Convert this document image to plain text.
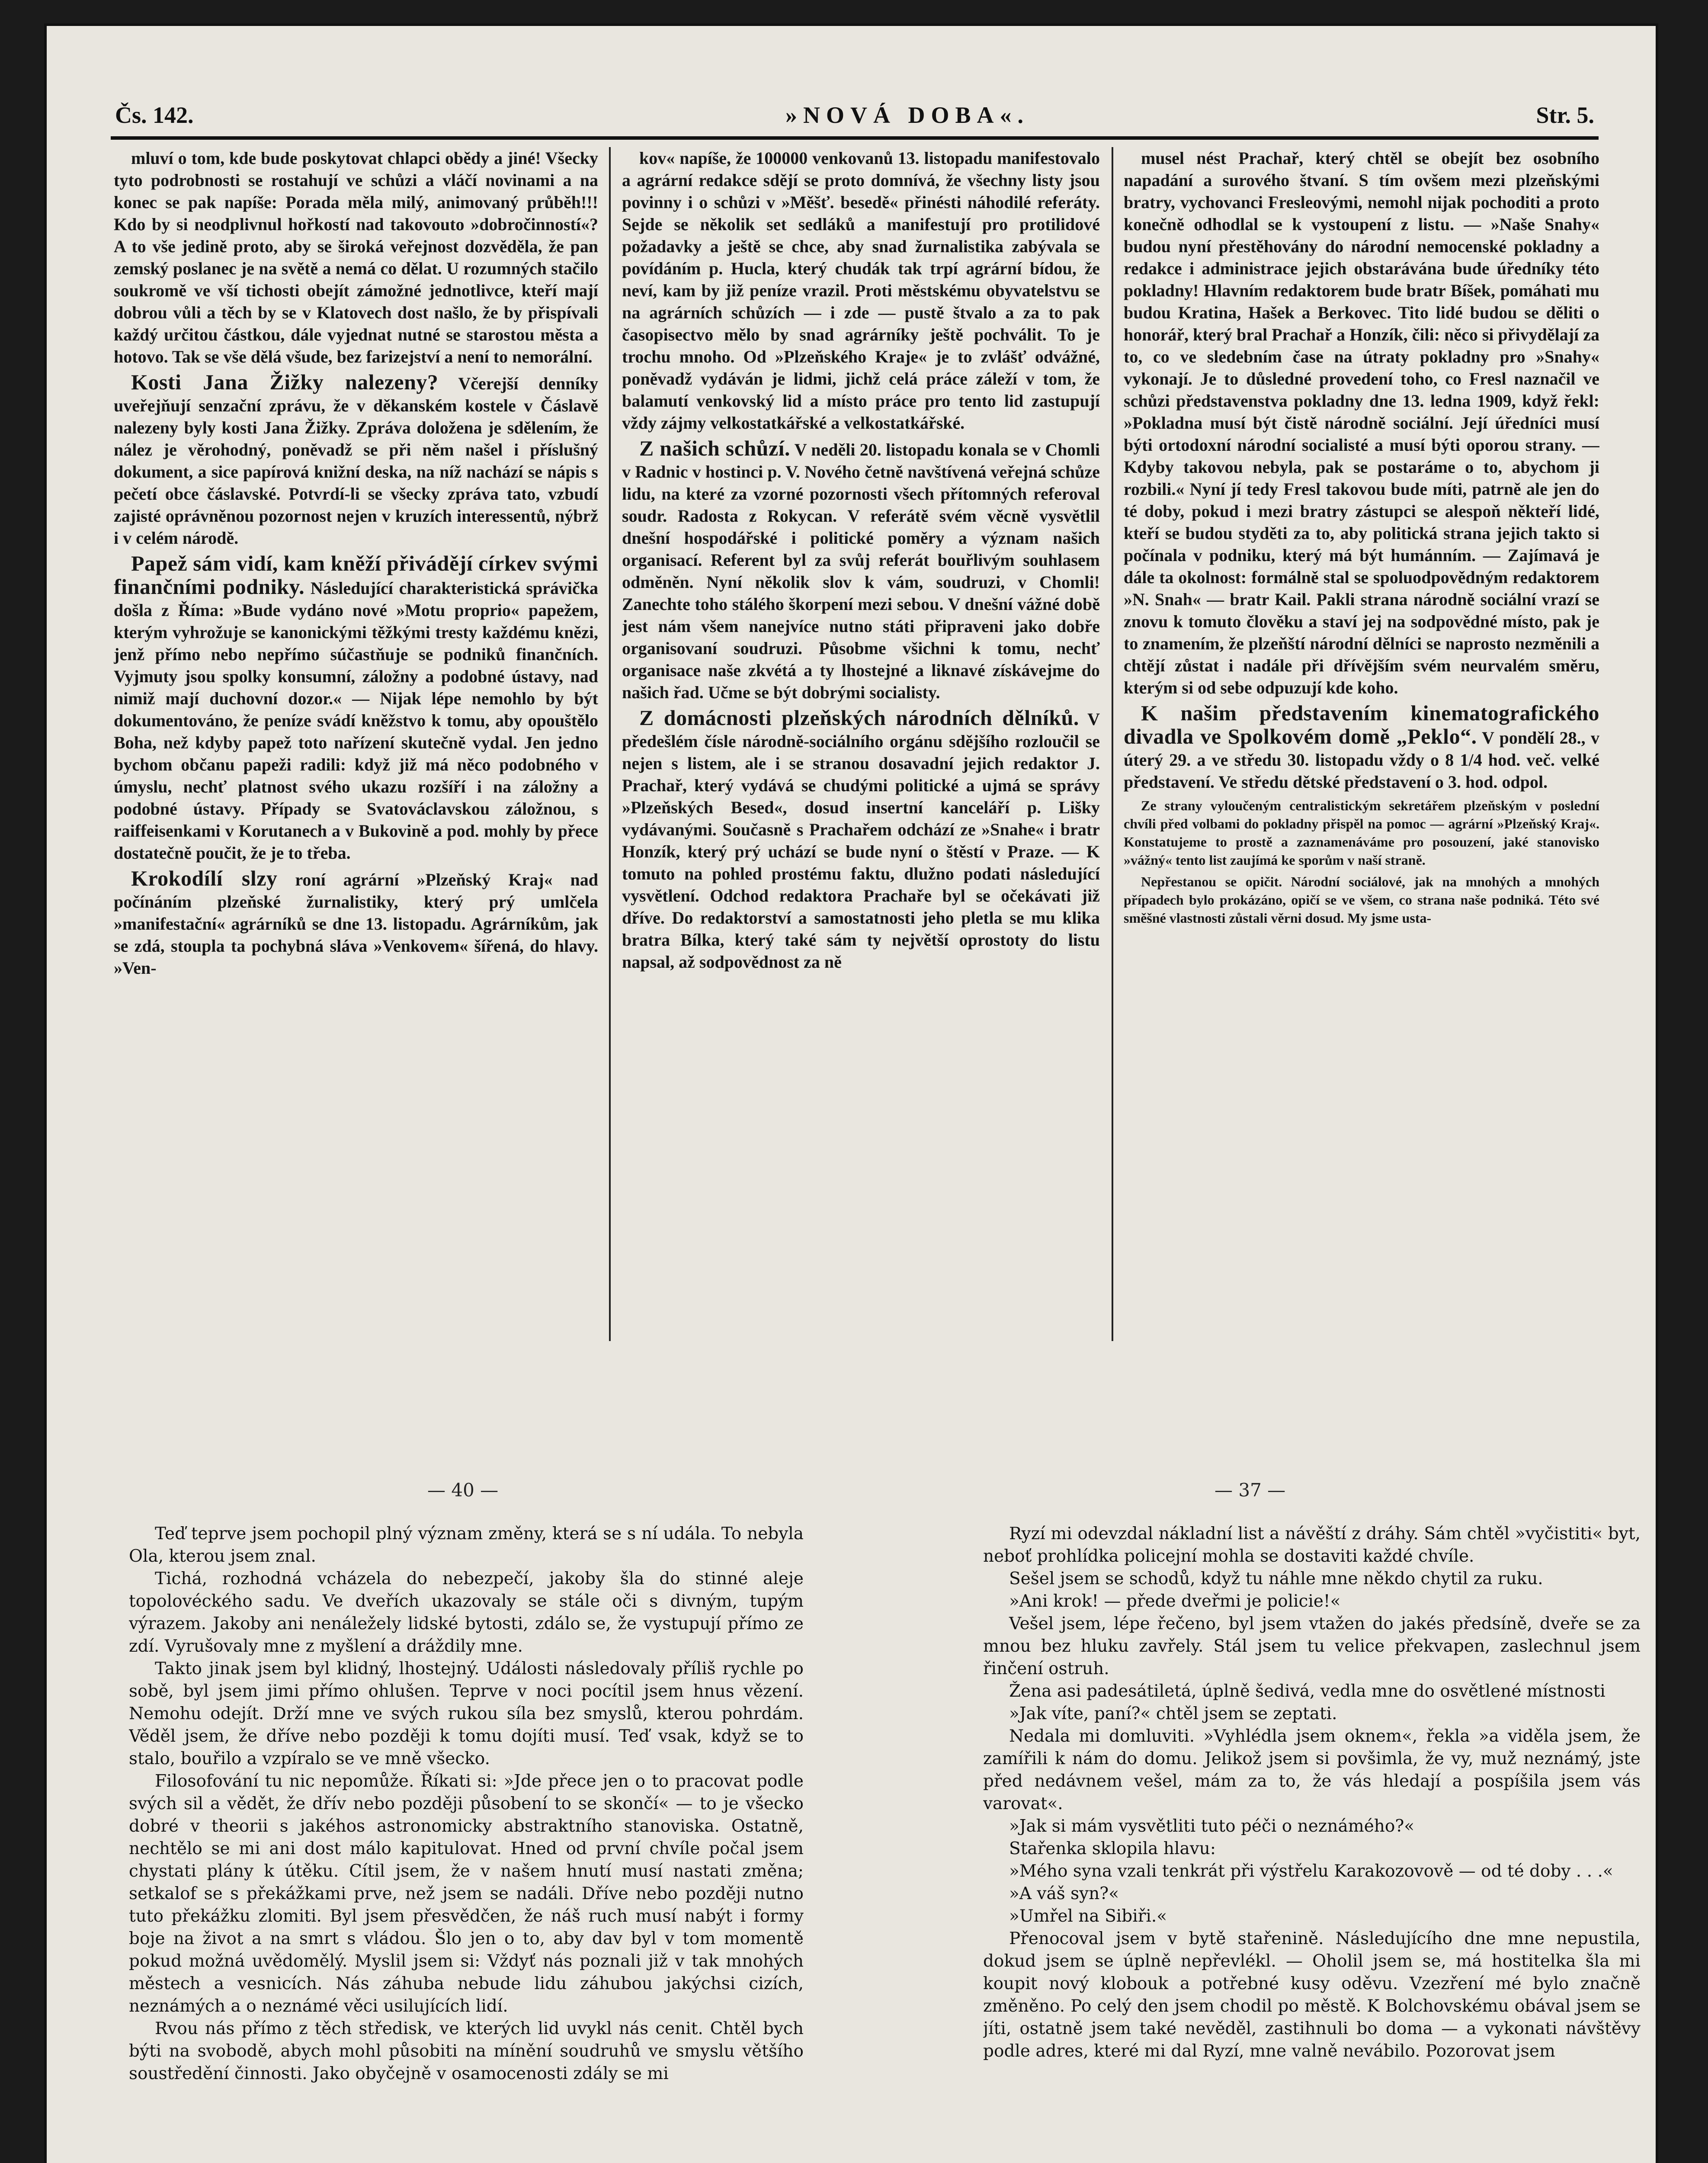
Čs. 142.	»NOVÁ DOBA«.	Str. 5.

mluví o tom, kde bude poskytovat chlapci obědy a jiné! Všecky tyto podrobnosti se rostahují ve schůzi a vláčí novinami a na konec se pak napíše: Porada měla milý, animovaný průběh!!! Kdo by si neodplivnul hořkostí nad takovouto »dobročinností«? A to vše jedině proto, aby se široká veřejnost dozvěděla, že pan zemský poslanec je na světě a nemá co dělat. U rozumných stačilo soukromě ve vší tichosti obejít zámožné jednotlivce, kteří mají dobrou vůli a těch by se v Klatovech dost našlo, že by přispívali každý určitou částkou, dále vyjednat nutné se starostou města a hotovo. Tak se vše dělá všude, bez farizejství a není to nemorální.

Kosti Jana Žižky nalezeny? Včerejší denníky uveřejňují senzační zprávu, že v děkanském kostele v Čáslavě nalezeny byly kosti Jana Žižky. Zpráva doložena je sdělením, že nález je věrohodný, poněvadž se při něm našel i příslušný dokument, a sice papírová knižní deska, na níž nachází se nápis s pečetí obce čáslavské. Potvrdí-li se všecky zpráva tato, vzbudí zajisté oprávněnou pozornost nejen v kruzích interessentů, nýbrž i v celém národě.

Papež sám vidí, kam kněží přivádějí církev svými finančními podniky. Následující charakteristická správička došla z Říma: »Bude vydáno nové »Motu proprio« papežem, kterým vyhrožuje se kanonickými těžkými tresty každému knězi, jenž přímo nebo nepřímo súčastňuje se podniků finančních. Vyjmuty jsou spolky konsumní, záložny a podobné ústavy, nad nimiž mají duchovní dozor.« — Nijak lépe nemohlo by být dokumentováno, že peníze svádí kněžstvo k tomu, aby opouštělo Boha, než kdyby papež toto nařízení skutečně vydal. Jen jedno bychom občanu papeži radili: když již má něco podobného v úmyslu, nechť platnost svého ukazu rozšíří i na záložny a podobné ústavy. Případy se Svatováclavskou záložnou, s raiffeisenkami v Korutanech a v Bukovině a pod. mohly by přece dostatečně poučit, že je to třeba.

Krokodílí slzy roní agrární »Plzeňský Kraj« nad počínáním plzeňské žurnalistiky, který prý umlčela »manifestační« agrárníků se dne 13. listopadu. Agrárníkům, jak se zdá, stoupla ta pochybná sláva »Venkovem« šířená, do hlavy. »Ven-

kov« napíše, že 100000 venkovanů 13. listopadu manifestovalo a agrární redakce sdějí se proto domnívá, že všechny listy jsou povinny i o schůzi v »Měšť. besedě« přinésti náhodilé referáty. Sejde se několik set sedláků a manifestují pro protilidové požadavky a ještě se chce, aby snad žurnalistika zabývala se povídáním p. Hucla, který chudák tak trpí agrární bídou, že neví, kam by již peníze vrazil. Proti městskému obyvatelstvu se na agrárních schůzích — i zde — pustě štvalo a za to pak časopisectvo mělo by snad agrárníky ještě pochválit. To je trochu mnoho. Od »Plzeňského Kraje« je to zvlášť odvážné, poněvadž vydáván je lidmi, jichž celá práce záleží v tom, že balamutí venkovský lid a místo práce pro tento lid zastupují vždy zájmy velkostatkářské a velkostatkářské.

Z našich schůzí. V neděli 20. listopadu konala se v Chomli v Radnic v hostinci p. V. Nového četně navštívená veřejná schůze lidu, na které za vzorné pozornosti všech přítomných referoval soudr. Radosta z Rokycan. V referátě svém věcně vysvětlil dnešní hospodářské i politické poměry a význam našich organisací. Referent byl za svůj referát bouřlivým souhlasem odměněn. Nyní několik slov k vám, soudruzi, v Chomli! Zanechte toho stálého škorpení mezi sebou. V dnešní vážné době jest nám všem nanejvíce nutno státi připraveni jako dobře organisovaní soudruzi. Působme všichni k tomu, nechť organisace naše zkvétá a ty lhostejné a liknavé získávejme do našich řad. Učme se být dobrými socialisty.

Z domácnosti plzeňských národních dělníků. V předešlém čísle národně-sociálního orgánu sdějšího rozloučil se nejen s listem, ale i se stranou dosavadní jejich redaktor J. Prachař, který vydává se chudými politické a ujmá se správy »Plzeňských Besed«, dosud insertní kanceláří p. Lišky vydávanými. Současně s Prachařem odchází ze »Snahe« i bratr Honzík, který prý uchází se bude nyní o štěstí v Praze. — K tomuto na pohled prostému faktu, dlužno podati následující vysvětlení. Odchod redaktora Prachaře byl se očekávati již dříve. Do redaktorství a samostatnosti jeho pletla se mu klika bratra Bílka, který také sám ty největší oprostoty do listu napsal, až sodpovědnost za ně

musel nést Prachař, který chtěl se obejít bez osobního napadání a surového štvaní. S tím ovšem mezi plzeňskými bratry, vychovanci Fresleovými, nemohl nijak pochoditi a proto konečně odhodlal se k vystoupení z listu. — »Naše Snahy« budou nyní přestěhovány do národní nemocenské pokladny a redakce i administrace jejich obstarávána bude úředníky této pokladny! Hlavním redaktorem bude bratr Bíšek, pomáhati mu budou Kratina, Hašek a Berkovec. Tito lidé budou se děliti o honorář, který bral Prachař a Honzík, čili: něco si přivydělají za to, co ve sledebním čase na útraty pokladny pro »Snahy« vykonají. Je to důsledné provedení toho, co Fresl naznačil ve schůzi představenstva pokladny dne 13. ledna 1909, když řekl: »Pokladna musí být čistě národně sociální. Její úředníci musí býti ortodoxní národní socialisté a musí býti oporou strany. — Kdyby takovou nebyla, pak se postaráme o to, abychom ji rozbili.« Nyní jí tedy Fresl takovou bude míti, patrně ale jen do té doby, pokud i mezi bratry zástupci se alespoň někteří lidé, kteří se budou styděti za to, aby politická strana jejich takto si počínala v podniku, který má být humánním. — Zajímavá je dále ta okolnost: formálně stal se spoluodpovědným redaktorem »N. Snah« — bratr Kail. Pakli strana národně sociální vrazí se znovu k tomuto člověku a staví jej na sodpovědné místo, pak je to znamením, že plzeňští národní dělníci se naprosto nezměnili a chtějí zůstat i nadále při dřívějším svém neurvalém směru, kterým si od sebe odpuzují kde koho.

K našim představením kinematografického divadla ve Spolkovém domě „Peklo“. V pondělí 28., v úterý 29. a ve středu 30. listopadu vždy o 8 1/4 hod. več. velké představení. Ve středu dětské představení o 3. hod. odpol.

Ze strany vyloučeným centralistickým sekretářem plzeňským v poslední chvíli před volbami do pokladny přispěl na pomoc — agrární »Plzeňský Kraj«. Konstatujeme to prostě a zaznamenáváme pro posouzení, jaké stanovisko »vážný« tento list zaujímá ke sporům v naší straně.

Nepřestanou se opičit. Národní sociálové, jak na mnohých a mnohých případech bylo prokázáno, opičí se ve všem, co strana naše podniká. Této své směšné vlastnosti zůstali věrni dosud. My jsme usta-

— 40 —	— 37 —

Teď teprve jsem pochopil plný význam změny, která se s ní udála. To nebyla Ola, kterou jsem znal.

Tichá, rozhodná vcházela do nebezpečí, jakoby šla do stinné aleje topolovéckého sadu. Ve dveřích ukazovaly se stále oči s divným, tupým výrazem. Jakoby ani nenáležely lidské bytosti, zdálo se, že vystupují přímo ze zdí. Vyrušovaly mne z myšlení a dráždily mne.

Takto jinak jsem byl klidný, lhostejný. Události následovaly příliš rychle po sobě, byl jsem jimi přímo ohlušen. Teprve v noci pocítil jsem hnus vězení. Nemohu odejít. Drží mne ve svých rukou síla bez smyslů, kterou pohrdám. Věděl jsem, že dříve nebo později k tomu dojíti musí. Teď vsak, když se to stalo, bouřilo a vzpíralo se ve mně všecko.

Filosofování tu nic nepomůže. Říkati si: »Jde přece jen o to pracovat podle svých sil a vědět, že dřív nebo později působení to se skončí« — to je všecko dobré v theorii s jakéhos astronomicky abstraktního stanoviska. Ostatně, nechtělo se mi ani dost málo kapitulovat. Hned od první chvíle počal jsem chystati plány k útěku. Cítil jsem, že v našem hnutí musí nastati změna; setkalof se s překážkami prve, než jsem se nadáli. Dříve nebo později nutno tuto překážku zlomiti. Byl jsem přesvědčen, že náš ruch musí nabýt i formy boje na život a na smrt s vládou. Šlo jen o to, aby dav byl v tom momentě pokud možná uvědomělý. Myslil jsem si: Vždyť nás poznali již v tak mnohých městech a vesnicích. Nás záhuba nebude lidu záhubou jakýchsi cizích, neznámých a o neznámé věci usilujících lidí.

Rvou nás přímo z těch středisk, ve kterých lid uvykl nás cenit. Chtěl bych býti na svobodě, abych mohl působiti na mínění soudruhů ve smyslu většího soustředění činnosti. Jako obyčejně v osamocenosti zdály se mi

Ryzí mi odevzdal nákladní list a návěští z dráhy. Sám chtěl »vyčistiti« byt, neboť prohlídka policejní mohla se dostaviti každé chvíle.

Sešel jsem se schodů, když tu náhle mne někdo chytil za ruku.

»Ani krok! — přede dveřmi je policie!«

Vešel jsem, lépe řečeno, byl jsem vtažen do jakés předsíně, dveře se za mnou bez hluku zavřely. Stál jsem tu velice překvapen, zaslechnul jsem řinčení ostruh.

Žena asi padesátiletá, úplně šedivá, vedla mne do osvětlené místnosti

»Jak víte, paní?« chtěl jsem se zeptati.

Nedala mi domluviti. »Vyhlédla jsem oknem«, řekla »a viděla jsem, že zamířili k nám do domu. Jelikož jsem si povšimla, že vy, muž neznámý, jste před nedávnem vešel, mám za to, že vás hledají a pospíšila jsem vás varovat«.

»Jak si mám vysvětliti tuto péči o neznámého?«

Stařenka sklopila hlavu:

»Mého syna vzali tenkrát při výstřelu Karakozovově — od té doby . . .«

»A váš syn?«

»Umřel na Sibiři.«

Přenocoval jsem v bytě stařenině. Následujícího dne mne nepustila, dokud jsem se úplně nepřevlékl. — Oholil jsem se, má hostitelka šla mi koupit nový klobouk a potřebné kusy oděvu. Vzezření mé bylo značně změněno. Po celý den jsem chodil po městě. K Bolchovskému obával jsem se jíti, ostatně jsem také nevěděl, zastihnuli bo doma — a vykonati návštěvy podle adres, které mi dal Ryzí, mne valně nevábilo. Pozorovat jsem
